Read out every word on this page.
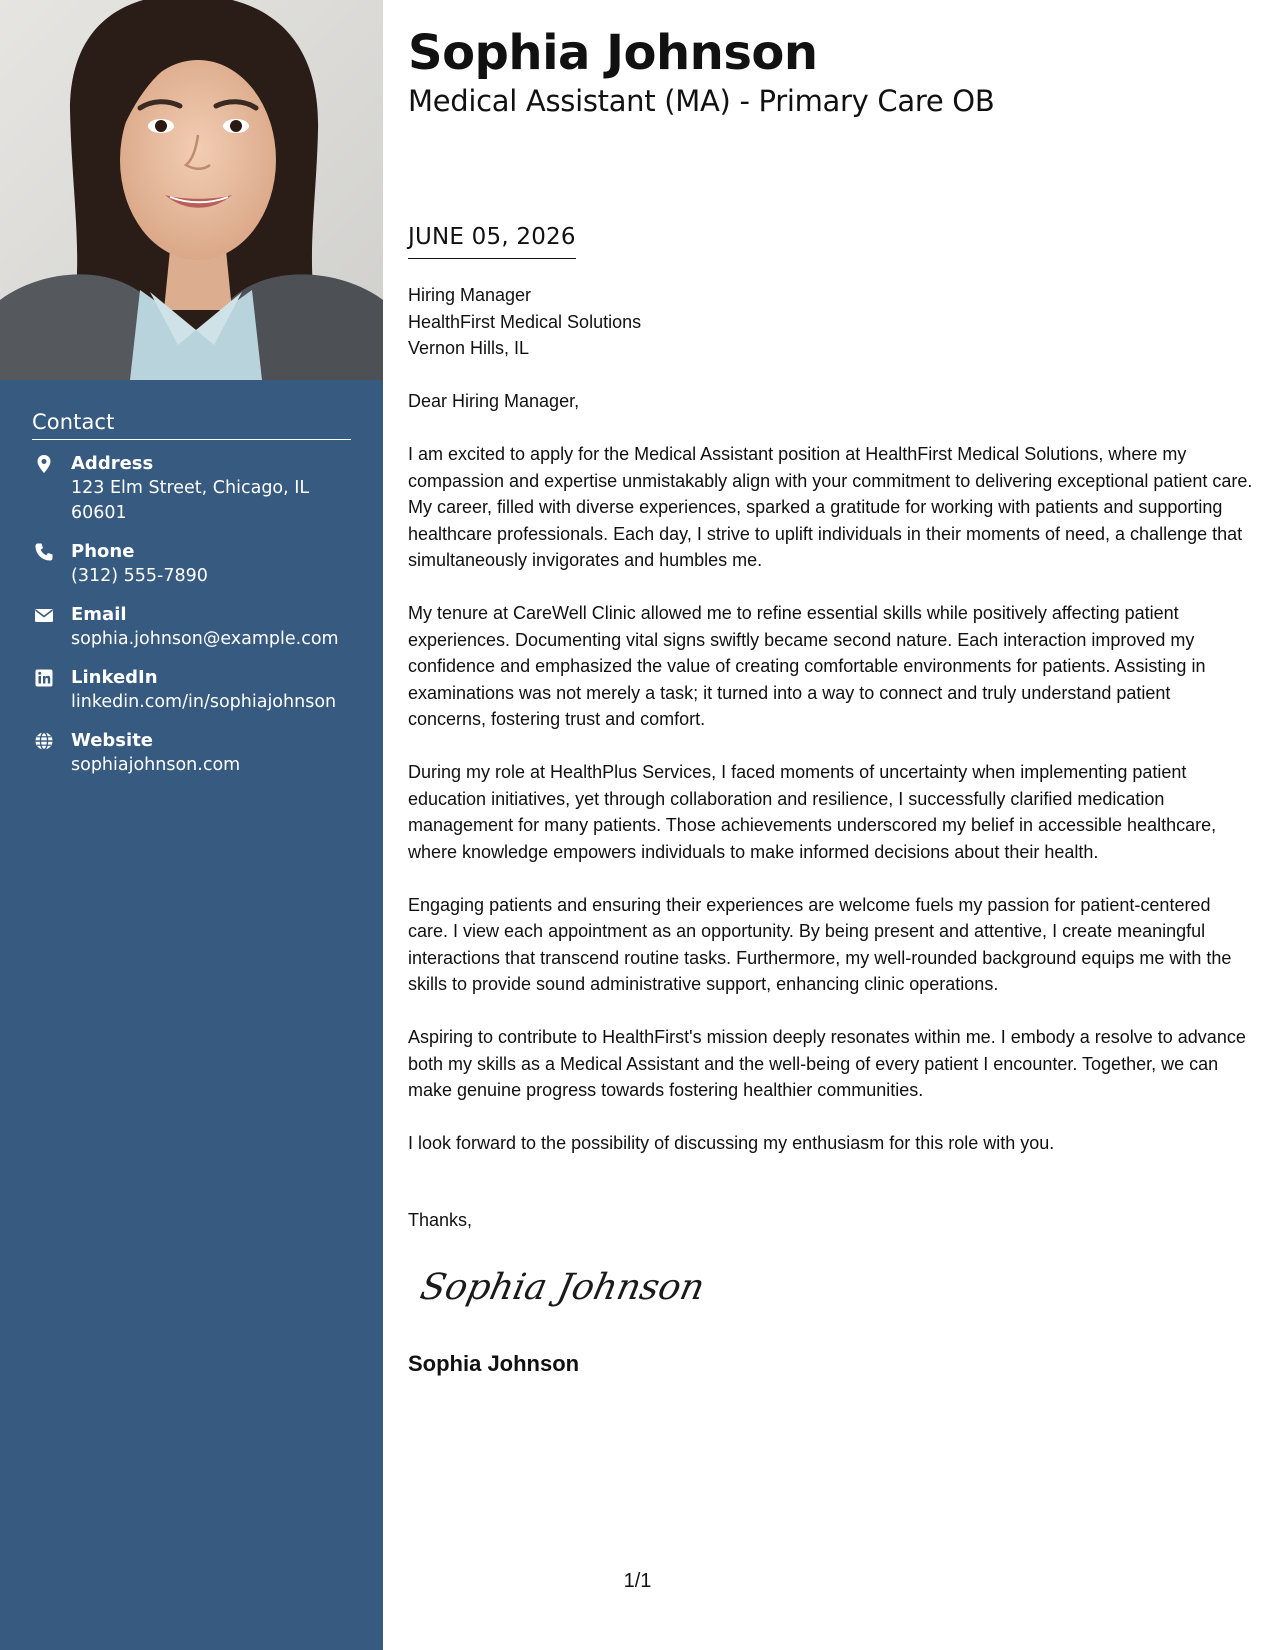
Contact
Address
123 Elm Street, Chicago, IL 60601
Phone
(312) 555-7890
Email
sophia.johnson@example.com
LinkedIn
linkedin.com/in/sophiajohnson
Website
sophiajohnson.com
Sophia Johnson
Medical Assistant (MA) - Primary Care OB
JUNE 05, 2026
Hiring Manager
HealthFirst Medical Solutions
Vernon Hills, IL

Dear Hiring Manager,

I am excited to apply for the Medical Assistant position at HealthFirst Medical Solutions, where my compassion and expertise unmistakably align with your commitment to delivering exceptional patient care. My career, filled with diverse experiences, sparked a gratitude for working with patients and supporting healthcare professionals. Each day, I strive to uplift individuals in their moments of need, a challenge that simultaneously invigorates and humbles me.

My tenure at CareWell Clinic allowed me to refine essential skills while positively affecting patient experiences. Documenting vital signs swiftly became second nature. Each interaction improved my confidence and emphasized the value of creating comfortable environments for patients. Assisting in examinations was not merely a task; it turned into a way to connect and truly understand patient concerns, fostering trust and comfort.

During my role at HealthPlus Services, I faced moments of uncertainty when implementing patient education initiatives, yet through collaboration and resilience, I successfully clarified medication management for many patients. Those achievements underscored my belief in accessible healthcare, where knowledge empowers individuals to make informed decisions about their health.

Engaging patients and ensuring their experiences are welcome fuels my passion for patient-centered care. I view each appointment as an opportunity. By being present and attentive, I create meaningful interactions that transcend routine tasks. Furthermore, my well-rounded background equips me with the skills to provide sound administrative support, enhancing clinic operations.

Aspiring to contribute to HealthFirst's mission deeply resonates within me. I embody a resolve to advance both my skills as a Medical Assistant and the well-being of every patient I encounter. Together, we can make genuine progress towards fostering healthier communities.

I look forward to the possibility of discussing my enthusiasm for this role with you.

Thanks,
Sophia Johnson
Sophia Johnson
1/1
